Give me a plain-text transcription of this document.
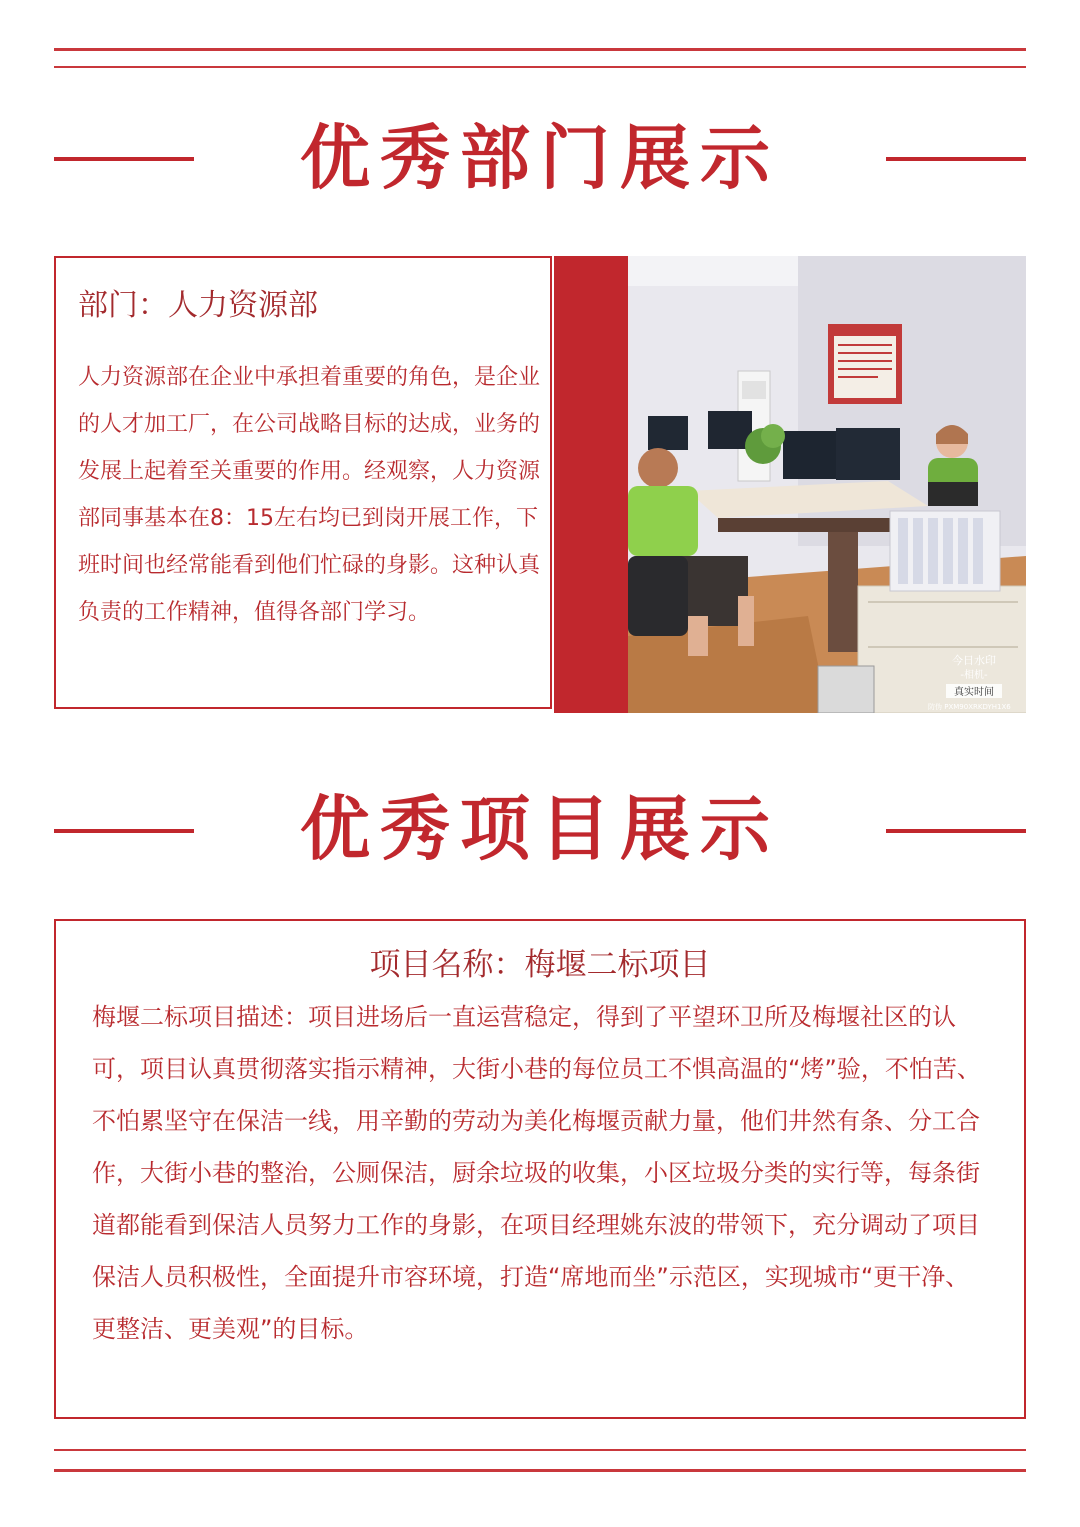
优秀部门展示
部门：人力资源部
人力资源部在企业中承担着重要的角色，是企业的人才加工厂，在公司战略目标的达成，业务的发展上起着至关重要的作用。经观察，人力资源部同事基本在8：15左右均已到岗开展工作，下班时间也经常能看到他们忙碌的身影。这种认真负责的工作精神，值得各部门学习。
今日水印
-相机-
真实时间
防伪 PXM90XRKDYH1X6
优秀项目展示
项目名称：梅堰二标项目
梅堰二标项目描述：项目进场后一直运营稳定，得到了平望环卫所及梅堰社区的认可，项目认真贯彻落实指示精神，大街小巷的每位员工不惧高温的“烤”验，不怕苦、不怕累坚守在保洁一线，用辛勤的劳动为美化梅堰贡献力量，他们井然有条、分工合作，大街小巷的整治，公厕保洁，厨余垃圾的收集，小区垃圾分类的实行等，每条街道都能看到保洁人员努力工作的身影，在项目经理姚东波的带领下，充分调动了项目保洁人员积极性，全面提升市容环境，打造“席地而坐”示范区，实现城市“更干净、更整洁、更美观”的目标。
